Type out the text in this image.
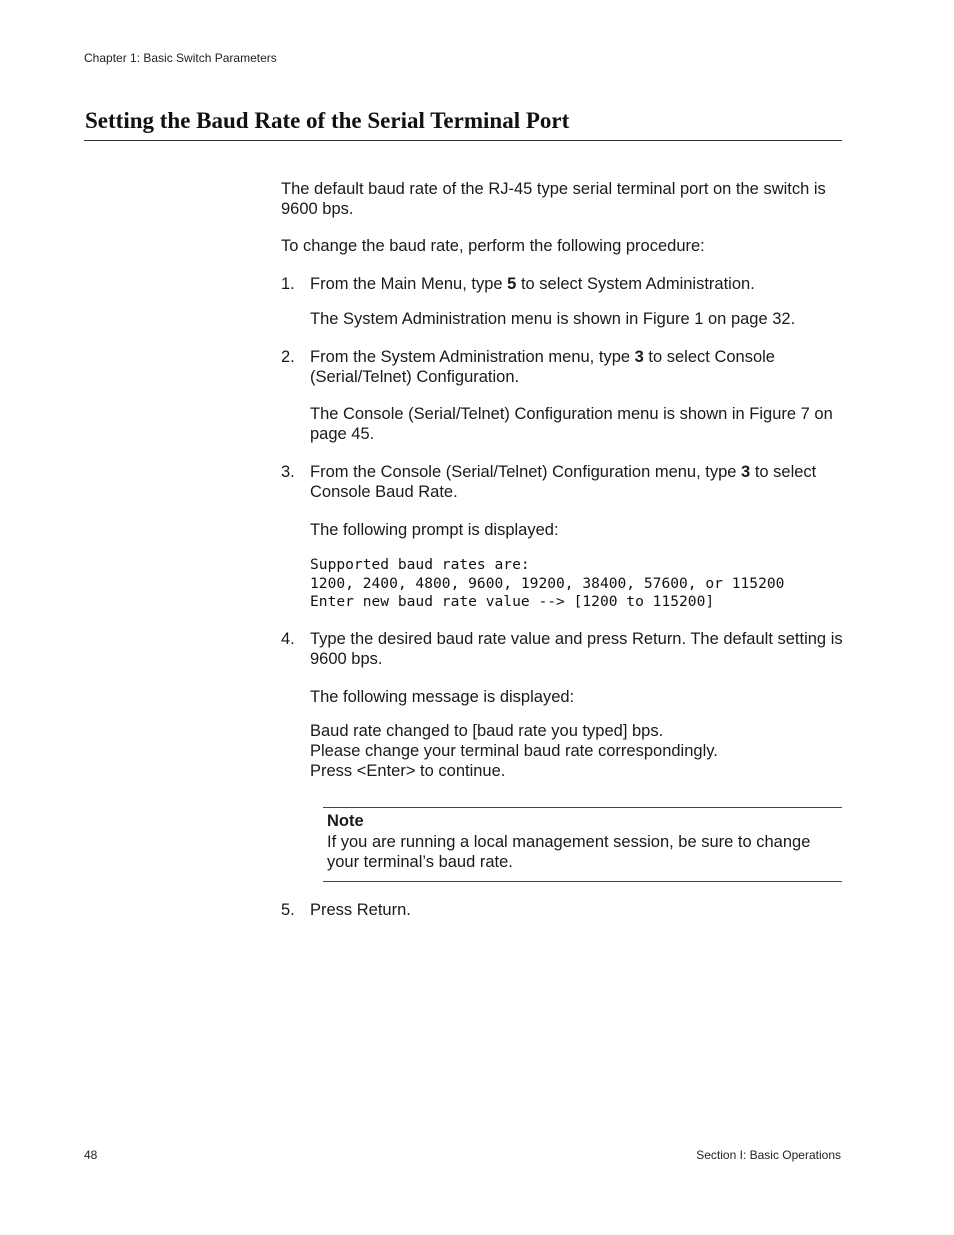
Chapter 1: Basic Switch Parameters
Setting the Baud Rate of the Serial Terminal Port

The default baud rate of the RJ-45 type serial terminal port on the switch is 9600 bps.

To change the baud rate, perform the following procedure:

1. From the Main Menu, type 5 to select System Administration.
The System Administration menu is shown in Figure 1 on page 32.
2. From the System Administration menu, type 3 to select Console (Serial/Telnet) Configuration.
The Console (Serial/Telnet) Configuration menu is shown in Figure 7 on page 45.
3. From the Console (Serial/Telnet) Configuration menu, type 3 to select Console Baud Rate.
The following prompt is displayed:
Supported baud rates are:
1200, 2400, 4800, 9600, 19200, 38400, 57600, or 115200
Enter new baud rate value --> [1200 to 115200]
4. Type the desired baud rate value and press Return. The default setting is 9600 bps.
The following message is displayed:
Baud rate changed to [baud rate you typed] bps.
Please change your terminal baud rate correspondingly.
Press <Enter> to continue.
Note
If you are running a local management session, be sure to change your terminal’s baud rate.
5. Press Return.
48	Section I: Basic Operations
